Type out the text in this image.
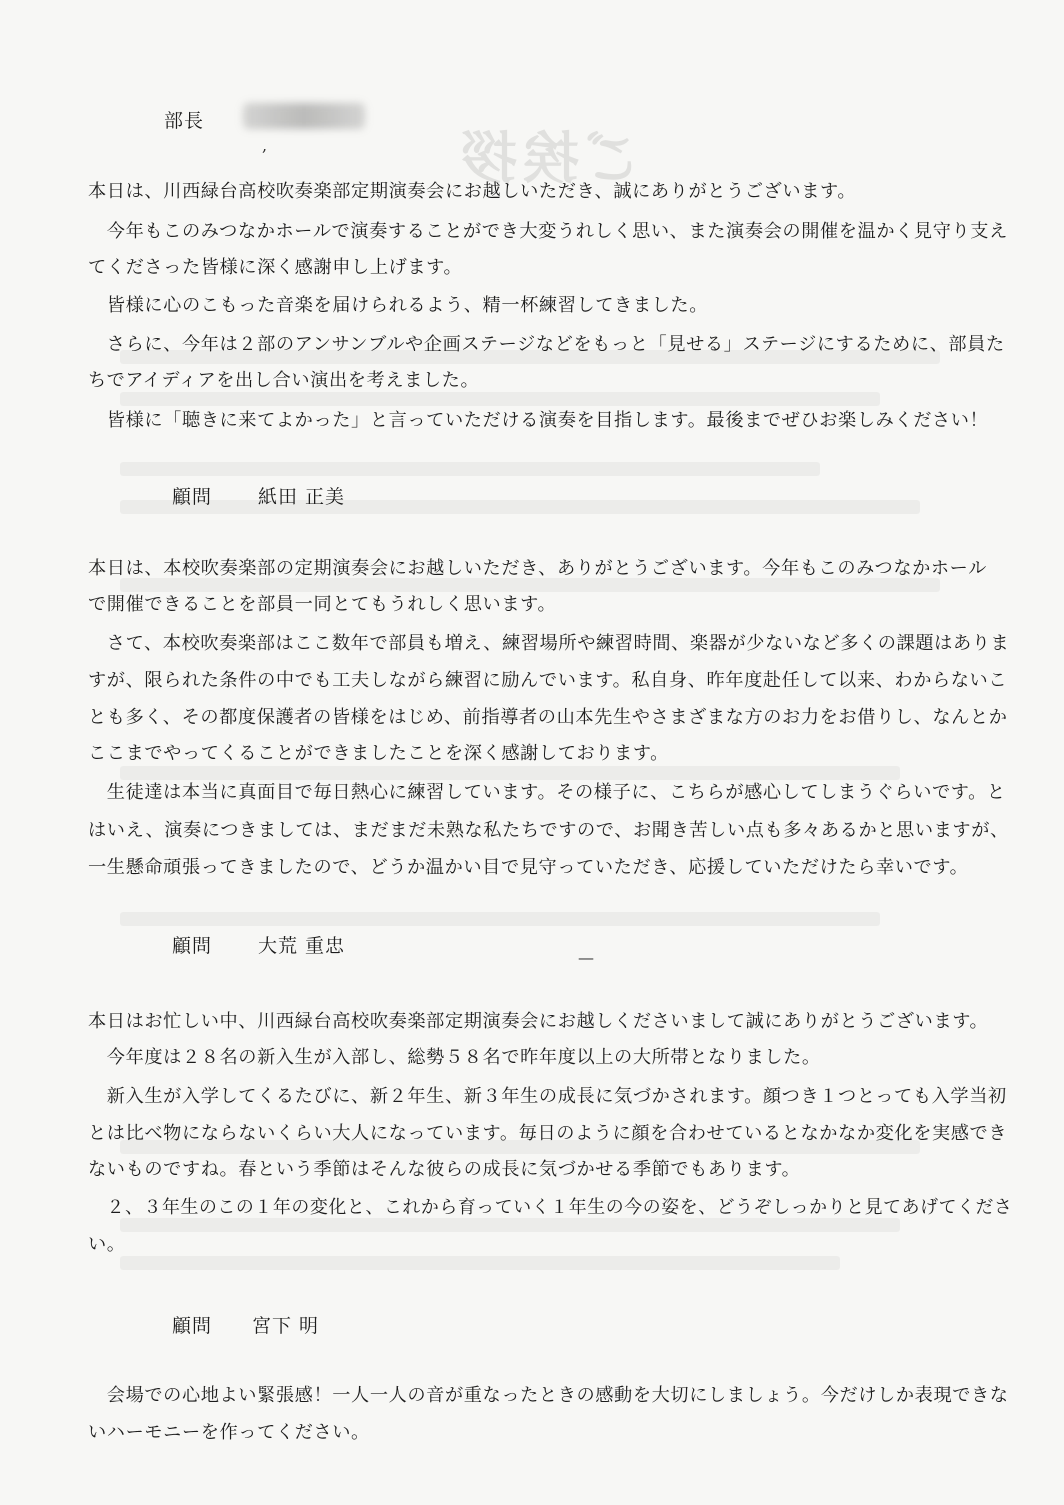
ご挨拶
部長
,

本日は、川西緑台高校吹奏楽部定期演奏会にお越しいただき、誠にありがとうございます。

　今年もこのみつなかホールで演奏することができ大変うれしく思い、また演奏会の開催を温かく見守り支え

てくださった皆様に深く感謝申し上げます。

　皆様に心のこもった音楽を届けられるよう、精一杯練習してきました。

　さらに、今年は２部のアンサンブルや企画ステージなどをもっと「見せる」ステージにするために、部員た

ちでアイディアを出し合い演出を考えました。

　皆様に「聴きに来てよかった」と言っていただける演奏を目指します。最後までぜひお楽しみください！

顧問 紙田 正美

本日は、本校吹奏楽部の定期演奏会にお越しいただき、ありがとうございます。今年もこのみつなかホール

で開催できることを部員一同とてもうれしく思います。

　さて、本校吹奏楽部はここ数年で部員も増え、練習場所や練習時間、楽器が少ないなど多くの課題はありま

すが、限られた条件の中でも工夫しながら練習に励んでいます。私自身、昨年度赴任して以来、わからないこ

とも多く、その都度保護者の皆様をはじめ、前指導者の山本先生やさまざまな方のお力をお借りし、なんとか

ここまでやってくることができましたことを深く感謝しております。

　生徒達は本当に真面目で毎日熱心に練習しています。その様子に、こちらが感心してしまうぐらいです。と

はいえ、演奏につきましては、まだまだ未熟な私たちですので、お聞き苦しい点も多々あるかと思いますが、

一生懸命頑張ってきましたので、どうか温かい目で見守っていただき、応援していただけたら幸いです。

顧問 大荒 重忠
—

本日はお忙しい中、川西緑台高校吹奏楽部定期演奏会にお越しくださいまして誠にありがとうございます。

　今年度は２８名の新入生が入部し、総勢５８名で昨年度以上の大所帯となりました。

　新入生が入学してくるたびに、新２年生、新３年生の成長に気づかされます。顔つき１つとっても入学当初

とは比べ物にならないくらい大人になっています。毎日のように顔を合わせているとなかなか変化を実感でき

ないものですね。春という季節はそんな彼らの成長に気づかせる季節でもあります。

　２、３年生のこの１年の変化と、これから育っていく１年生の今の姿を、どうぞしっかりと見てあげてくださ

い。

顧問 宮下 明

　会場での心地よい緊張感！一人一人の音が重なったときの感動を大切にしましょう。今だけしか表現できな

いハーモニーを作ってください。
